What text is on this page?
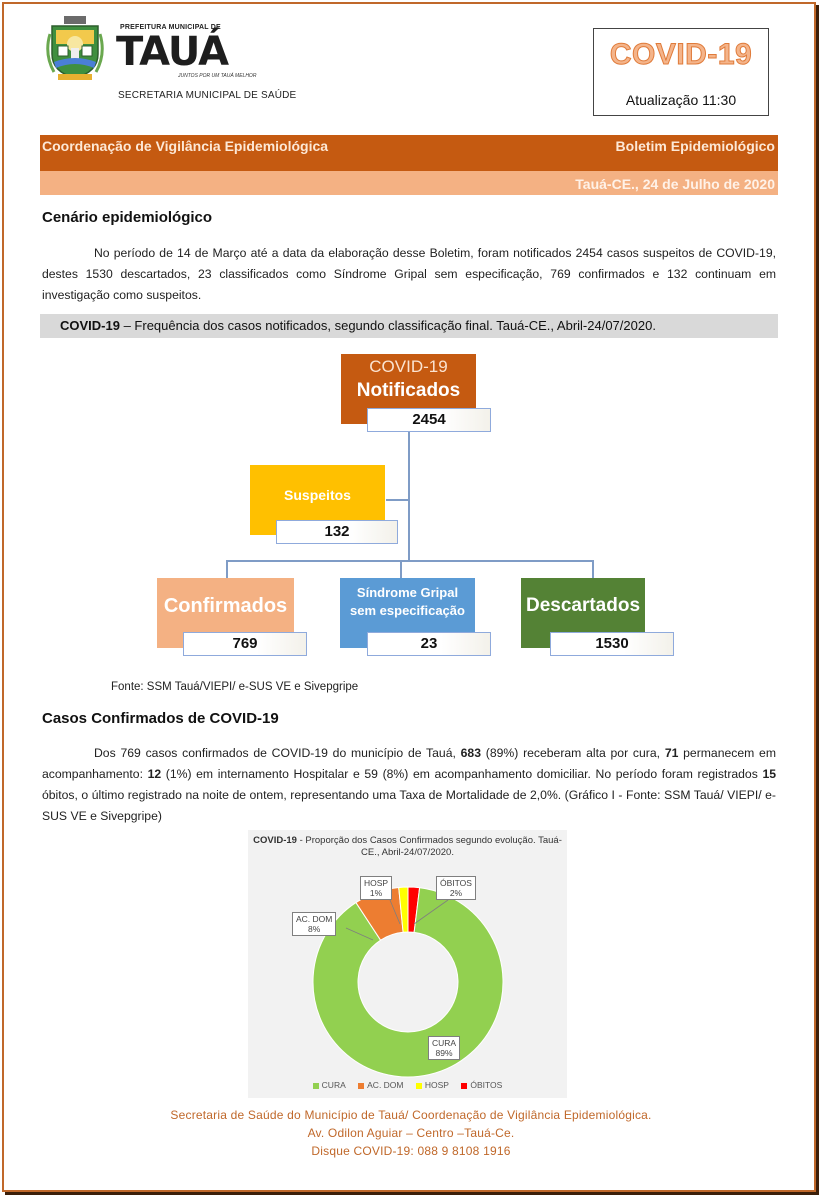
PREFEITURA MUNICIPAL DE
TAUÁ
JUNTOS POR UM TAUÁ MELHOR
SECRETARIA MUNICIPAL DE SAÚDE
COVID-19
Atualização 11:30
Coordenação de Vigilância Epidemiológica	Boletim Epidemiológico
Tauá-CE., 24 de Julho de 2020
Cenário epidemiológico
No período de 14 de Março até a data da elaboração desse Boletim, foram notificados 2454 casos suspeitos de COVID-19, destes 1530 descartados, 23 classificados como Síndrome Gripal sem especificação, 769 confirmados e 132 continuam em investigação como suspeitos.
COVID-19 – Frequência dos casos notificados, segundo classificação final. Tauá-CE., Abril-24/07/2020.
COVID-19
Notificados
2454
Suspeitos
132
Confirmados
769
Síndrome Gripal
sem especificação
23
Descartados
1530
Fonte: SSM Tauá/VIEPI/ e-SUS VE e Sivepgripe
Casos Confirmados de COVID-19
Dos 769 casos confirmados de COVID-19 do município de Tauá, 683 (89%) receberam alta por cura, 71 permanecem em acompanhamento: 12 (1%) em internamento Hospitalar e 59 (8%) em acompanhamento domiciliar. No período foram registrados 15 óbitos, o último registrado na noite de ontem, representando uma Taxa de Mortalidade de 2,0%. (Gráfico I - Fonte: SSM Tauá/ VIEPI/ e-SUS VE e Sivepgripe)
COVID-19 - Proporção dos Casos Confirmados segundo evolução. Tauá-CE., Abril-24/07/2020.
HOSP
1%
ÓBITOS
2%
AC. DOM
8%
CURA
89%
CURA	AC. DOM	HOSP	ÓBITOS
Secretaria de Saúde do Município de Tauá/ Coordenação de Vigilância Epidemiológica.
Av. Odilon Aguiar – Centro –Tauá-Ce.
Disque COVID-19: 088 9 8108 1916
